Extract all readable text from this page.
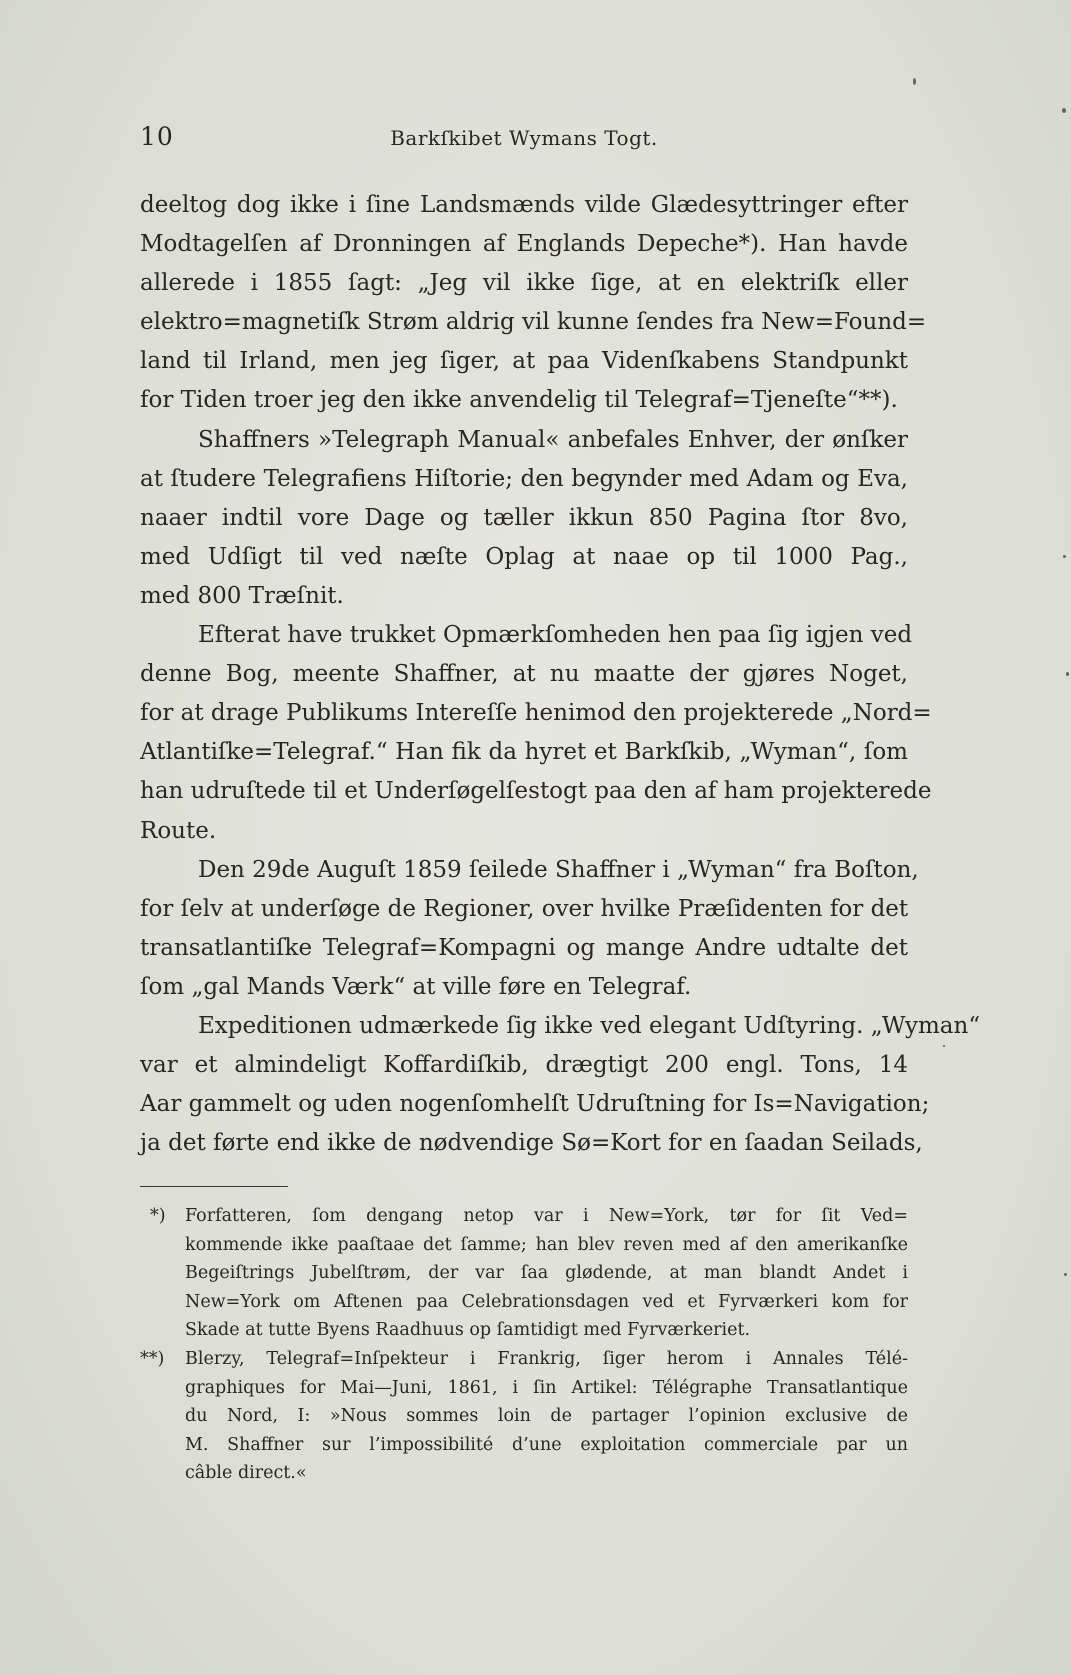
10	Barkſkibet Wymans Togt.
deeltog dog ikke i ſine Landsmænds vilde Glædesyttringer efter
Modtagelſen af Dronningen af Englands Depeche*). Han havde
allerede i 1855 ſagt: „Jeg vil ikke ſige, at en elektriſk eller
elektro=magnetiſk Strøm aldrig vil kunne ſendes fra New=Found=
land til Irland, men jeg ſiger, at paa Videnſkabens Standpunkt
for Tiden troer jeg den ikke anvendelig til Telegraf=Tjeneſte“**).
Shaffners »Telegraph Manual« anbefales Enhver, der ønſker
at ſtudere Telegrafiens Hiſtorie; den begynder med Adam og Eva,
naaer indtil vore Dage og tæller ikkun 850 Pagina ſtor 8vo,
med Udſigt til ved næſte Oplag at naae op til 1000 Pag.,
med 800 Træſnit.
Efterat have trukket Opmærkſomheden hen paa ſig igjen ved
denne Bog, meente Shaffner, at nu maatte der gjøres Noget,
for at drage Publikums Intereſſe henimod den projekterede „Nord=
Atlantiſke=Telegraf.“ Han fik da hyret et Barkſkib, „Wyman“, ſom
han udruſtede til et Underſøgelſestogt paa den af ham projekterede
Route.
Den 29de Auguſt 1859 ſeilede Shaffner i „Wyman“ fra Boſton,
for ſelv at underſøge de Regioner, over hvilke Præſidenten for det
transatlantiſke Telegraf=Kompagni og mange Andre udtalte det
ſom „gal Mands Værk“ at ville føre en Telegraf.
Expeditionen udmærkede ſig ikke ved elegant Udſtyring. „Wyman“
var et almindeligt Koffardiſkib, drægtigt 200 engl. Tons, 14
Aar gammelt og uden nogenſomhelſt Udruſtning for Is=Navigation;
ja det førte end ikke de nødvendige Sø=Kort for en ſaadan Seilads,
*) Forfatteren, ſom dengang netop var i New=York, tør for ſit Ved=
kommende ikke paaſtaae det ſamme; han blev reven med af den amerikanſke
Begeiſtrings Jubelſtrøm, der var ſaa glødende, at man blandt Andet i
New=York om Aftenen paa Celebrationsdagen ved et Fyrværkeri kom for
Skade at tutte Byens Raadhuus op ſamtidigt med Fyrværkeriet.
**) Blerzy, Telegraf=Inſpekteur i Frankrig, ſiger herom i Annales Télé-
graphiques for Mai—Juni, 1861, i ſin Artikel: Télégraphe Transatlantique
du Nord, I: »Nous sommes loin de partager l’opinion exclusive de
M. Shaffner sur l’impossibilité d’une exploitation commerciale par un
câble direct.«
